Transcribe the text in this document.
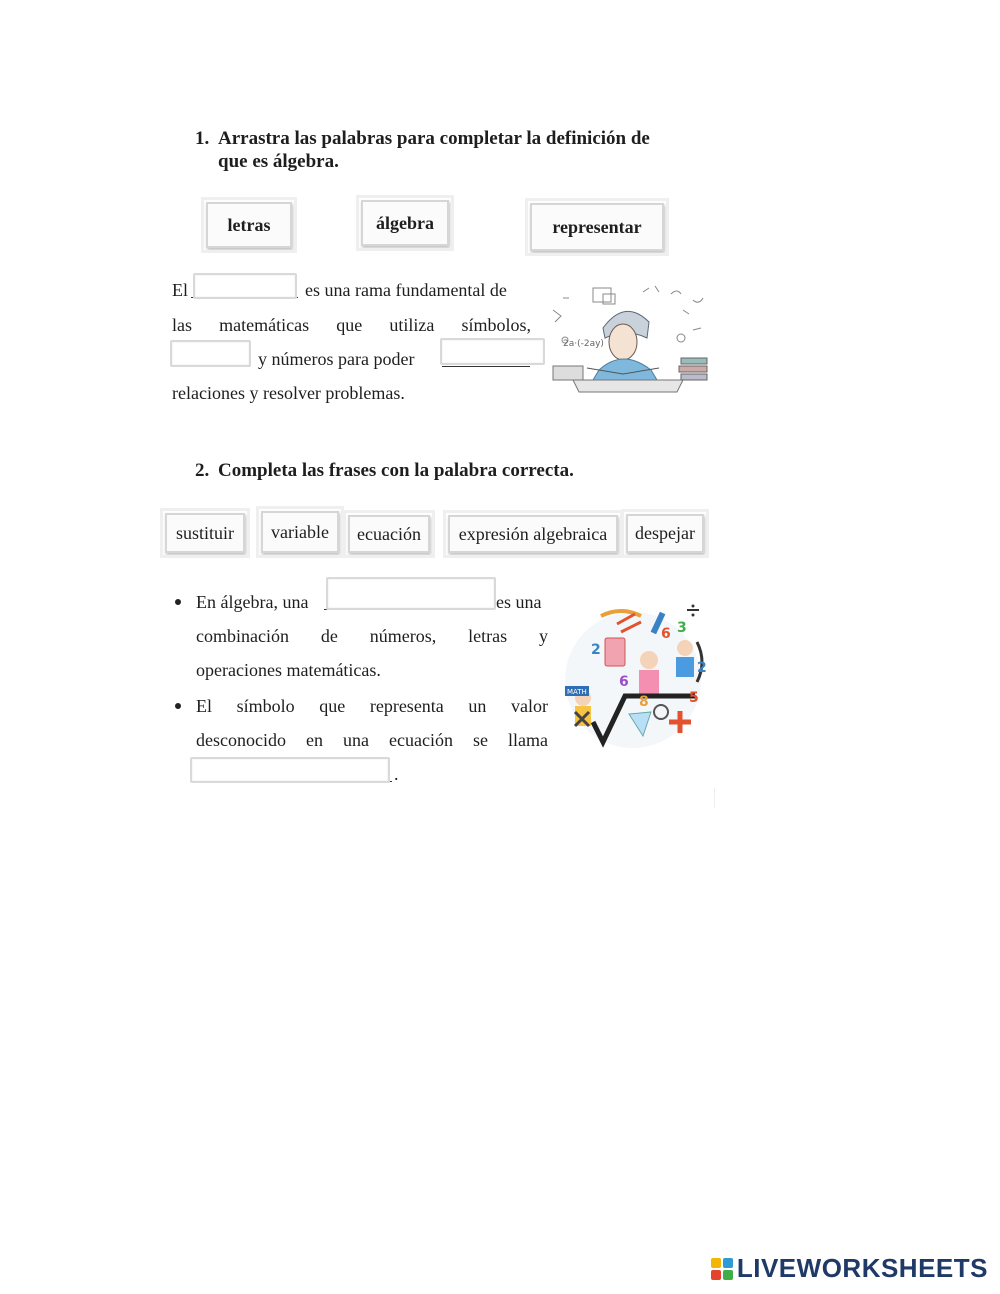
1. Arrastra las palabras para completar la definición de
que es álgebra.
letras	álgebra	representar
El	es una rama fundamental de
las matemáticas que utiliza símbolos,
y números para poder
relaciones y resolver problemas.
2a·(-2ay)
2. Completa las frases con la palabra correcta.
sustituir	variable	ecuación	expresión algebraica	despejar
En álgebra, una	es una
combinación de números, letras y
operaciones matemáticas.
El símbolo que representa un valor
desconocido en una ecuación se llama
.
MATH
6
2
3
8	5
2
6
LIVEWORKSHEETS
